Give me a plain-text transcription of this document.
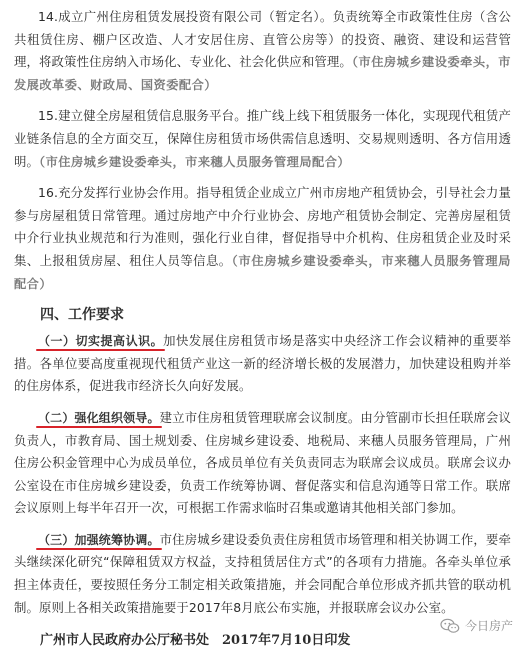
14.成立广州住房租赁发展投资有限公司（暂定名）。负责统筹全市政策性住房（含公共租赁住房、棚户区改造、人才安居住房、直管公房等）的投资、融资、建设和运营管理，将政策性住房纳入市场化、专业化、社会化供应和管理。（市住房城乡建设委牵头，市发展改革委、财政局、国资委配合）

15.建立健全房屋租赁信息服务平台。推广线上线下租赁服务一体化，实现现代租赁产业链条信息的全方面交互，保障住房租赁市场供需信息透明、交易规则透明、各方信用透明。（市住房城乡建设委牵头，市来穗人员服务管理局配合）

16.充分发挥行业协会作用。指导租赁企业成立广州市房地产租赁协会，引导社会力量参与房屋租赁日常管理。通过房地产中介行业协会、房地产租赁协会制定、完善房屋租赁中介行业执业规范和行为准则，强化行业自律，督促指导中介机构、住房租赁企业及时采集、上报租赁房屋、租住人员等信息。（市住房城乡建设委牵头，市来穗人员服务管理局配合）

四、工作要求

（一）切实提高认识。加快发展住房租赁市场是落实中央经济工作会议精神的重要举措。各单位要高度重视现代租赁产业这一新的经济增长极的发展潜力，加快建设租购并举的住房体系，促进我市经济长久向好发展。

（二）强化组织领导。建立市住房租赁管理联席会议制度。由分管副市长担任联席会议负责人，市教育局、国土规划委、住房城乡建设委、地税局、来穗人员服务管理局，广州住房公积金管理中心为成员单位，各成员单位有关负责同志为联席会议成员。联席会议办公室设在市住房城乡建设委，负责工作统筹协调、督促落实和信息沟通等日常工作。联席会议原则上每半年召开一次，可根据工作需求临时召集或邀请其他相关部门参加。

（三）加强统筹协调。市住房城乡建设委负责住房租赁市场管理和相关协调工作，要牵头继续深化研究“保障租赁双方权益，支持租赁居住方式”的各项有力措施。各牵头单位承担主体责任，要按照任务分工制定相关政策措施，并会同配合单位形成齐抓共管的联动机制。原则上各相关政策措施要于2017年8月底公布实施，并报联席会议办公室。

广州市人民政府办公厅秘书处　2017年7月10日印发
今日房产
